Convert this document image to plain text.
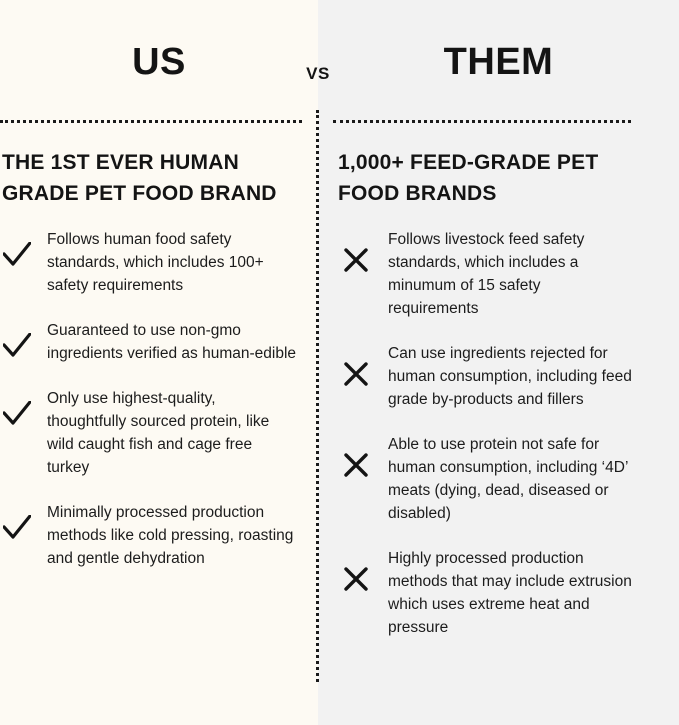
US	VS	THEM
THE 1ST EVER HUMAN GRADE PET FOOD BRAND
1,000+ FEED-GRADE PET FOOD BRANDS
Follows human food safety standards, which includes 100+ safety requirements
Guaranteed to use non-gmo ingredients verified as human-edible
Only use highest-quality, thoughtfully sourced protein, like wild caught fish and cage free turkey
Minimally processed production methods like cold pressing, roasting and gentle dehydration
Follows livestock feed safety standards, which includes a minumum of 15 safety requirements
Can use ingredients rejected for human consumption, including feed grade by-products and fillers
Able to use protein not safe for human consumption, including ‘4D’ meats (dying, dead, diseased or disabled)
Highly processed production methods that may include extrusion which uses extreme heat and pressure
